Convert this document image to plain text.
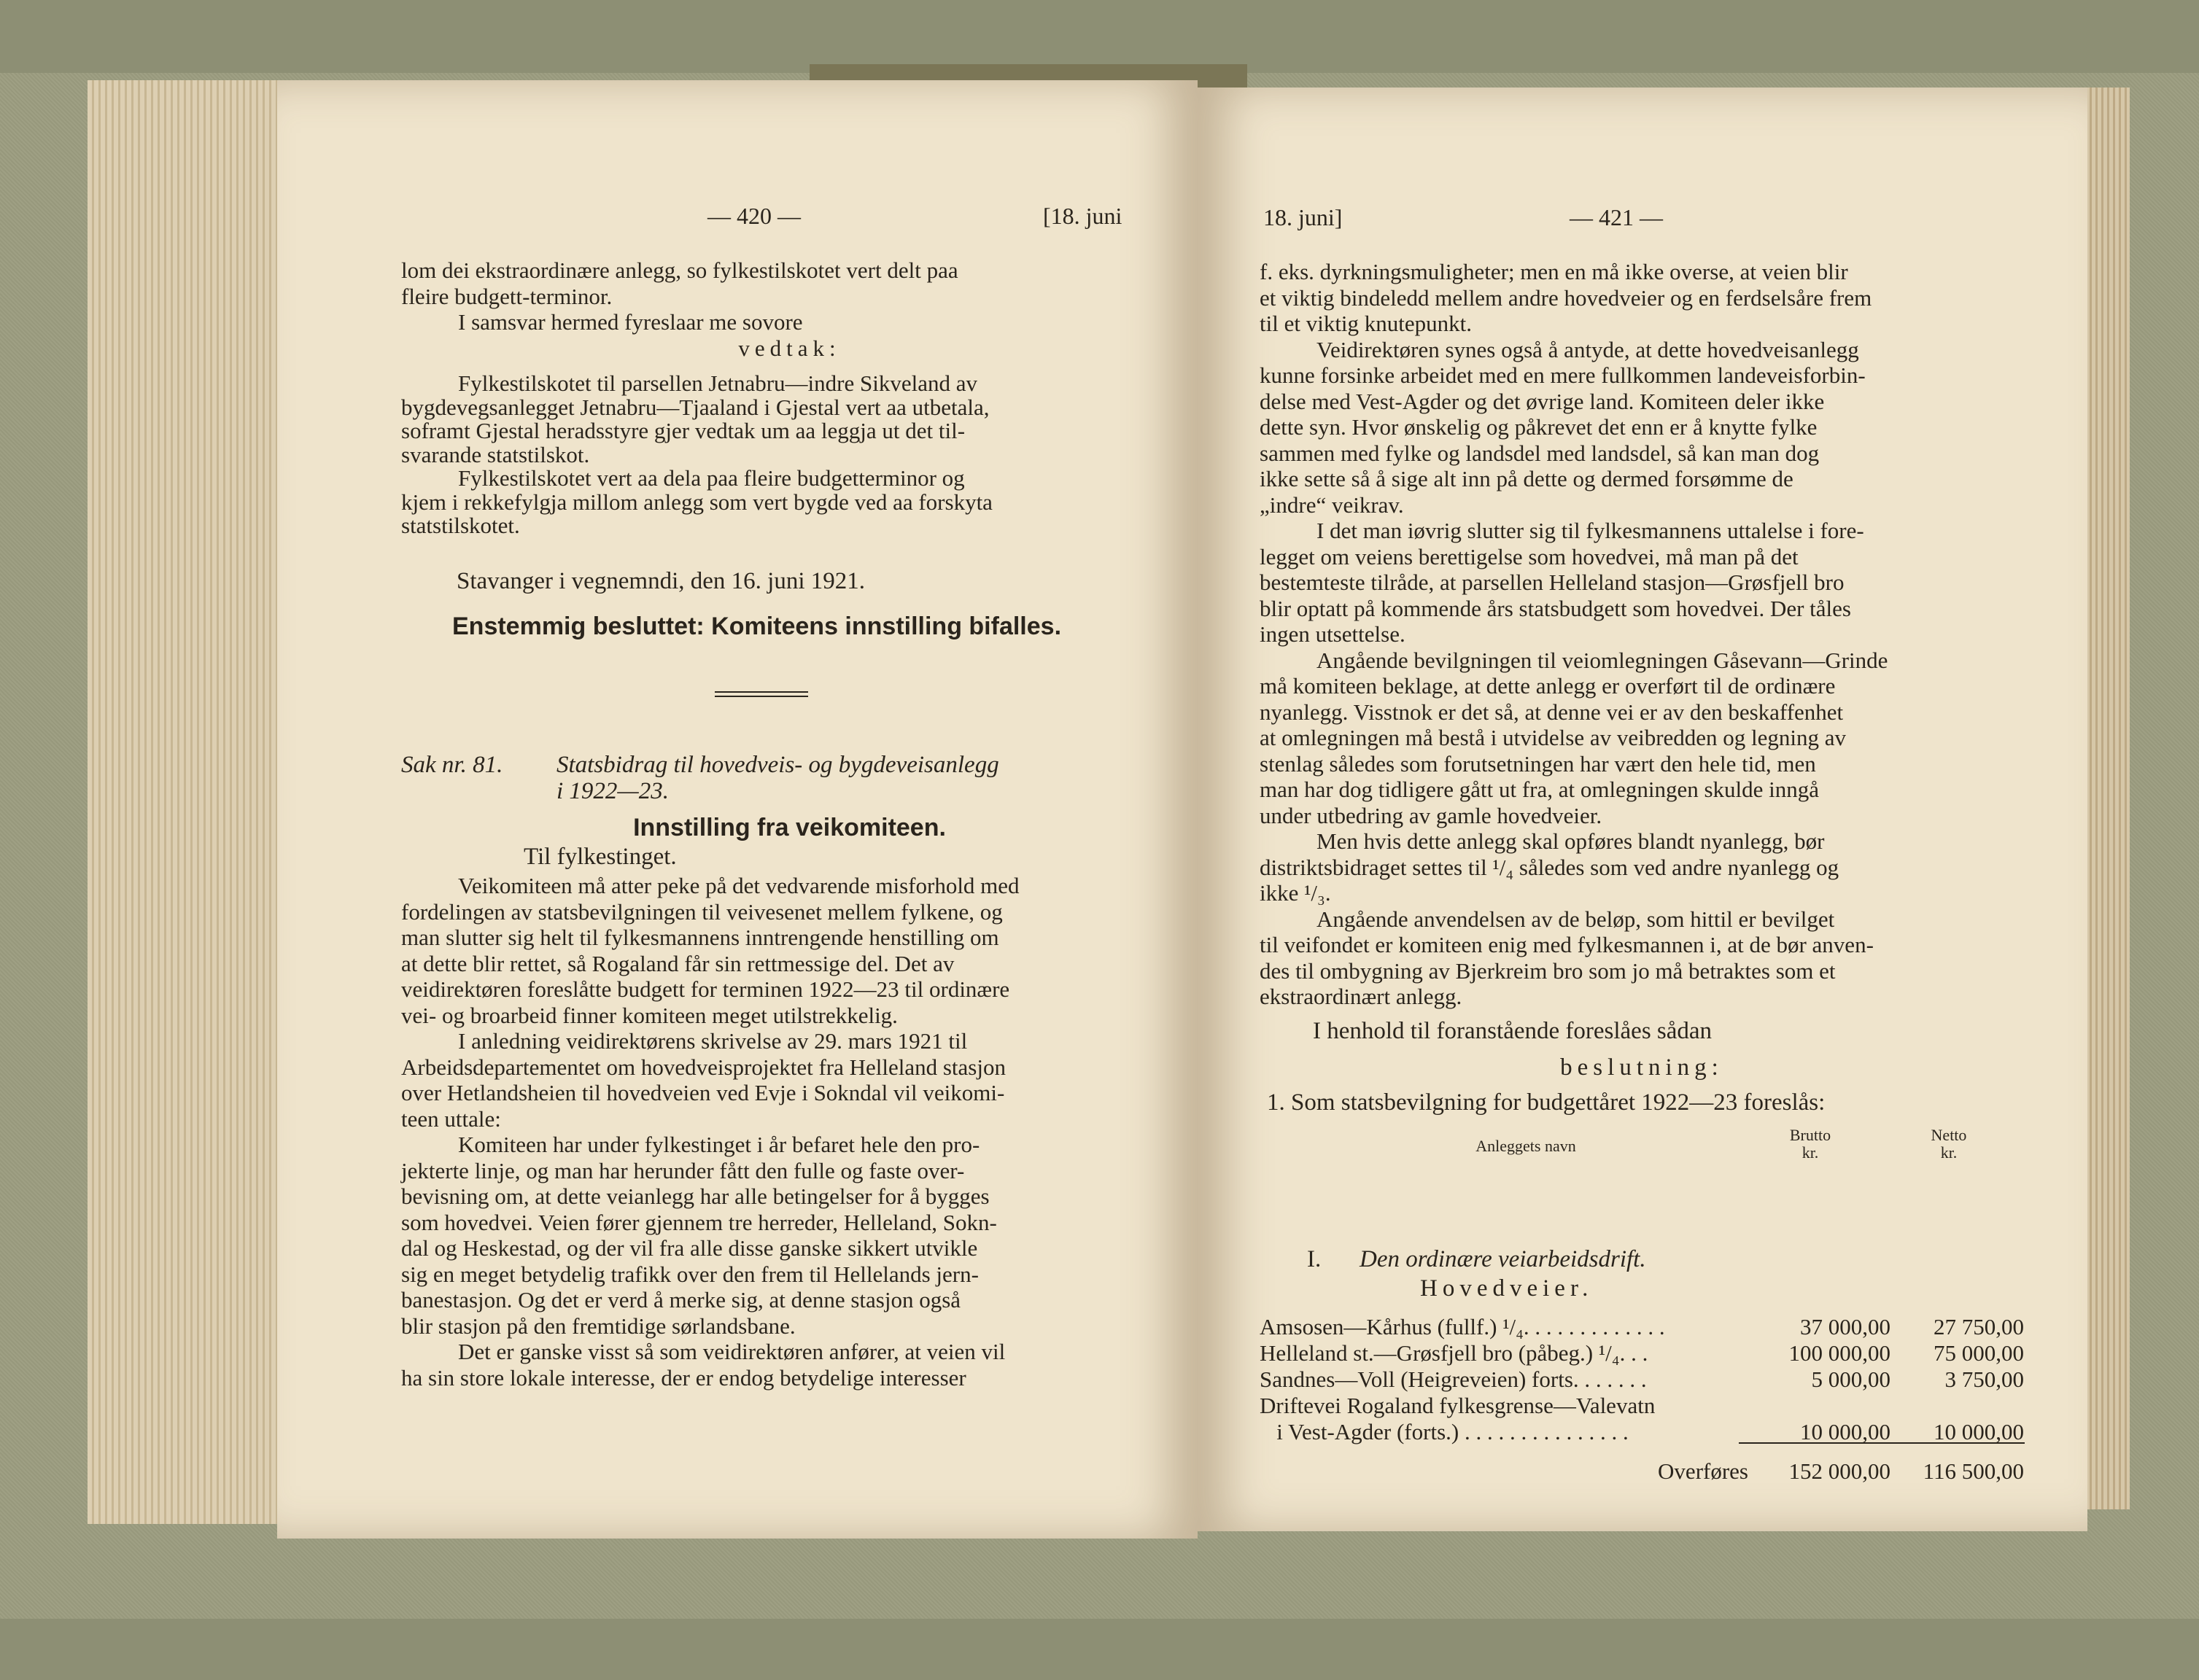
— 420 —	[18. juni

lom dei ekstraordinære anlegg, so fylkestilskotet vert delt paa

fleire budgett-terminor.

I samsvar hermed fyreslaar me sovore

vedtak:

Fylkestilskotet til parsellen Jetnabru—indre Sikveland av

bygdevegsanlegget Jetnabru—Tjaaland i Gjestal vert aa utbetala,

soframt Gjestal heradsstyre gjer vedtak um aa leggja ut det til-

svarande statstilskot.

Fylkestilskotet vert aa dela paa fleire budgetterminor og

kjem i rekkefylgja millom anlegg som vert bygde ved aa forskyta

statstilskotet.

Stavanger i vegnemndi, den 16. juni 1921.
Enstemmig besluttet: Komiteens innstilling bifalles.
Sak nr. 81.	Statsbidrag til hovedveis- og bygdeveisanlegg

i 1922—23.

Innstilling fra veikomiteen.
Til fylkestinget.

Veikomiteen må atter peke på det vedvarende misforhold med

fordelingen av statsbevilgningen til veivesenet mellem fylkene, og

man slutter sig helt til fylkesmannens inntrengende henstilling om

at dette blir rettet, så Rogaland får sin rettmessige del. Det av

veidirektøren foreslåtte budgett for terminen 1922—23 til ordinære

vei- og broarbeid finner komiteen meget utilstrekkelig.

I anledning veidirektørens skrivelse av 29. mars 1921 til

Arbeidsdepartementet om hovedveisprojektet fra Helleland stasjon

over Hetlandsheien til hovedveien ved Evje i Sokndal vil veikomi-

teen uttale:

Komiteen har under fylkestinget i år befaret hele den pro-

jekterte linje, og man har herunder fått den fulle og faste over-

bevisning om, at dette veianlegg har alle betingelser for å bygges

som hovedvei. Veien fører gjennem tre herreder, Helleland, Sokn-

dal og Heskestad, og der vil fra alle disse ganske sikkert utvikle

sig en meget betydelig trafikk over den frem til Hellelands jern-

banestasjon. Og det er verd å merke sig, at denne stasjon også

blir stasjon på den fremtidige sørlandsbane.

Det er ganske visst så som veidirektøren anfører, at veien vil

ha sin store lokale interesse, der er endog betydelige interesser

18. juni]	— 421 —

f. eks. dyrkningsmuligheter; men en må ikke overse, at veien blir

et viktig bindeledd mellem andre hovedveier og en ferdselsåre frem

til et viktig knutepunkt.

Veidirektøren synes også å antyde, at dette hovedveisanlegg

kunne forsinke arbeidet med en mere fullkommen landeveisforbin-

delse med Vest-Agder og det øvrige land. Komiteen deler ikke

dette syn. Hvor ønskelig og påkrevet det enn er å knytte fylke

sammen med fylke og landsdel med landsdel, så kan man dog

ikke sette så å sige alt inn på dette og dermed forsømme de

„indre“ veikrav.

I det man iøvrig slutter sig til fylkesmannens uttalelse i fore-

legget om veiens berettigelse som hovedvei, må man på det

bestemteste tilråde, at parsellen Helleland stasjon—Grøsfjell bro

blir optatt på kommende års statsbudgett som hovedvei. Der tåles

ingen utsettelse.

Angående bevilgningen til veiomlegningen Gåsevann—Grinde

må komiteen beklage, at dette anlegg er overført til de ordinære

nyanlegg. Visstnok er det så, at denne vei er av den beskaffenhet

at omlegningen må bestå i utvidelse av veibredden og legning av

stenlag således som forutsetningen har vært den hele tid, men

man har dog tidligere gått ut fra, at omlegningen skulde inngå

under utbedring av gamle hovedveier.

Men hvis dette anlegg skal opføres blandt nyanlegg, bør

distriktsbidraget settes til ¹/₄ således som ved andre nyanlegg og

ikke ¹/₃.

Angående anvendelsen av de beløp, som hittil er bevilget

til veifondet er komiteen enig med fylkesmannen i, at de bør anven-

des til ombygning av Bjerkreim bro som jo må betraktes som et

ekstraordinært anlegg.

I henhold til foranstående foreslåes sådan
beslutning:
1. Som statsbevilgning for budgettåret 1922—23 foreslås:
Anleggets navn

Brutto

kr.

Netto

kr.

I.	Den ordinære veiarbeidsdrift.
Hovedveier.
Amsosen—Kårhus (fullf.) ¹/₄. . . . . . . . . . . . .	37 000,00	27 750,00
Helleland st.—Grøsfjell bro (påbeg.) ¹/₄. . .	100 000,00	75 000,00
Sandnes—Voll (Heigreveien) forts. . . . . . .	5 000,00	3 750,00
Driftevei Rogaland fylkesgrense—Valevatn		
i Vest-Agder (forts.) . . . . . . . . . . . . . . .	10 000,00	10 000,00
Overføres	152 000,00	116 500,00
